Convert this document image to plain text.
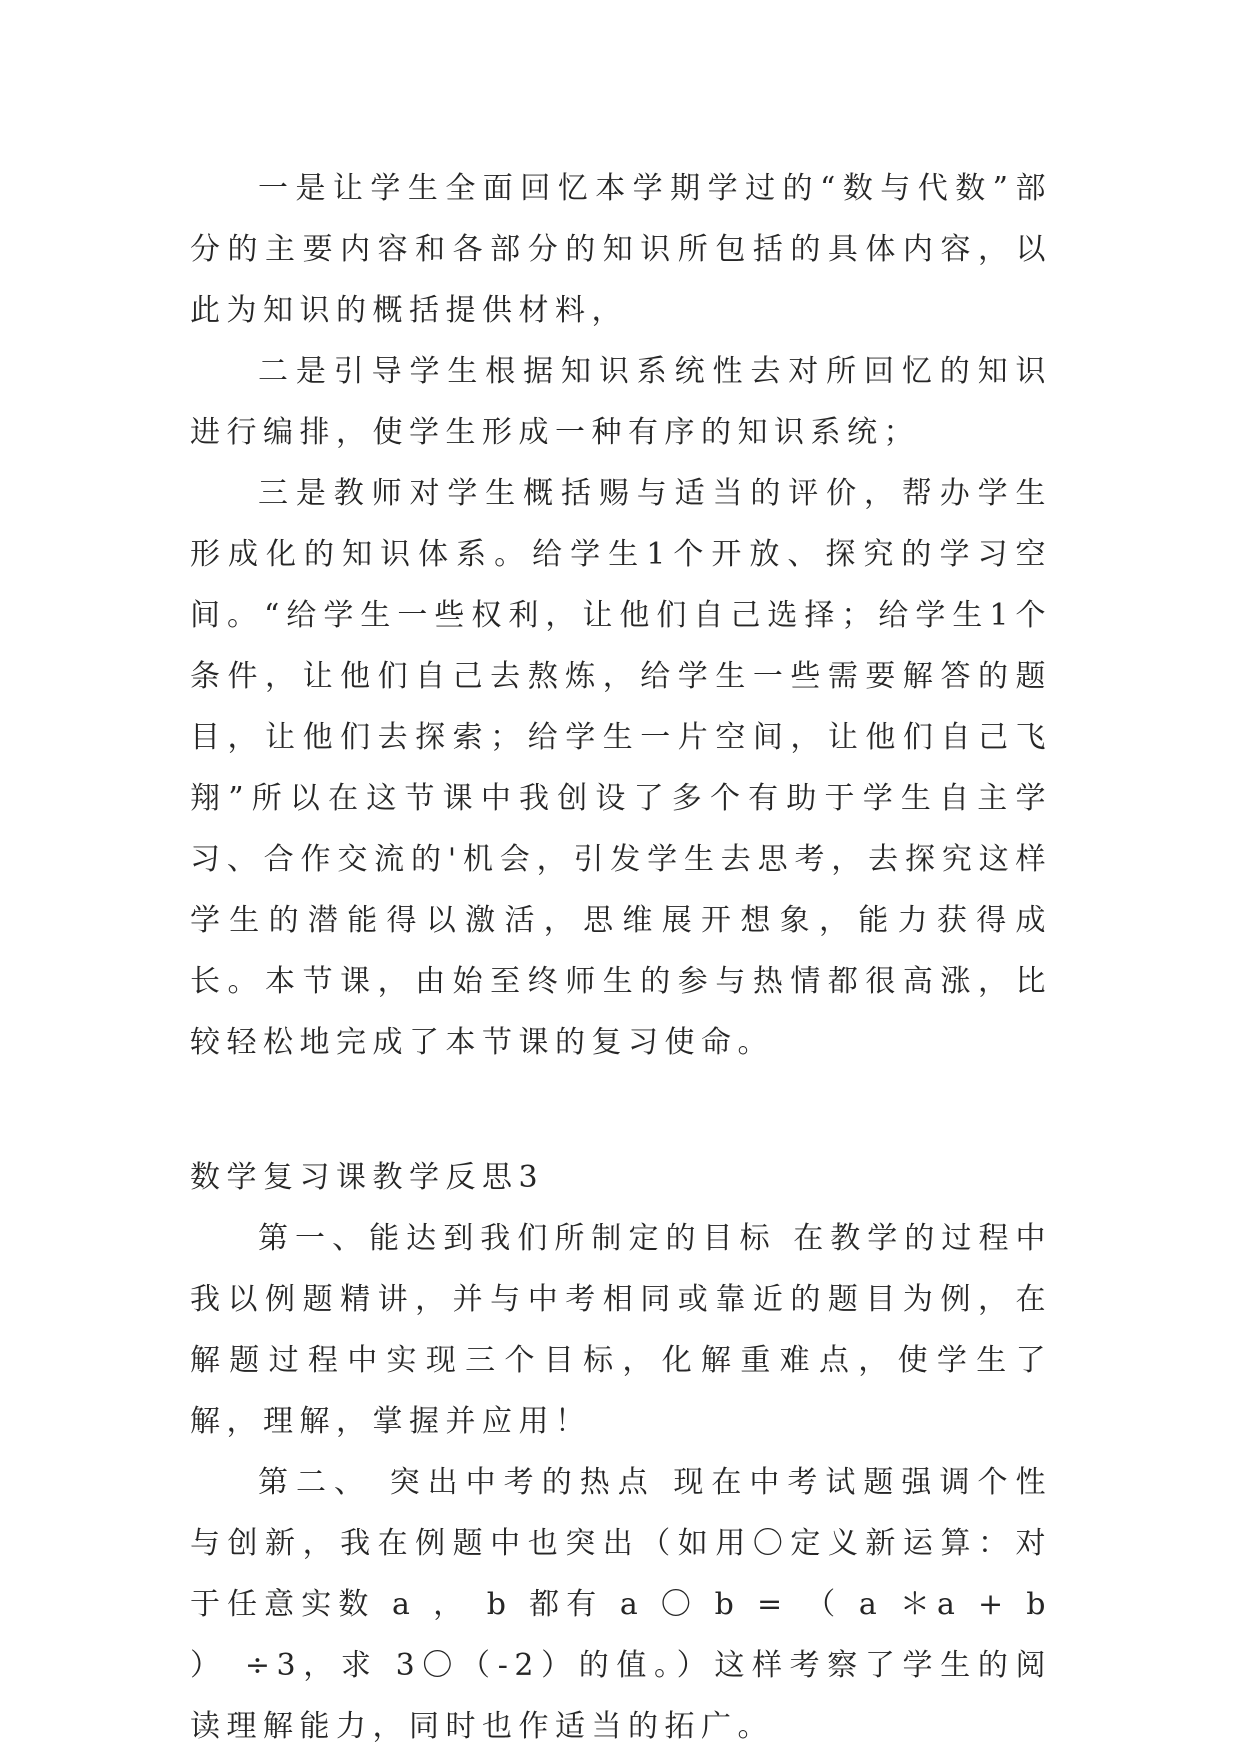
一是让学生全面回忆本学期学过的“数与代数”部分的主要内容和各部分的知识所包括的具体内容，以此为知识的概括提供材料，

二是引导学生根据知识系统性去对所回忆的知识进行编排，使学生形成一种有序的知识系统；

三是教师对学生概括赐与适当的评价，帮办学生形成化的知识体系。给学生1个开放、探究的学习空间。“给学生一些权利，让他们自己选择；给学生1个条件，让他们自己去熬炼，给学生一些需要解答的题目，让他们去探索；给学生一片空间，让他们自己飞翔”所以在这节课中我创设了多个有助于学生自主学习、合作交流的'机会，引发学生去思考，去探究这样学生的潜能得以激活，思维展开想象，能力获得成长。本节课，由始至终师生的参与热情都很高涨，比较轻松地完成了本节课的复习使命。

数学复习课教学反思3

第一、能达到我们所制定的目标 在教学的过程中我以例题精讲，并与中考相同或靠近的题目为例，在解题过程中实现三个目标，化解重难点，使学生了解，理解，掌握并应用！

第二、 突出中考的热点 现在中考试题强调个性与创新，我在例题中也突出（如用〇定义新运算：对于任意实数 a ， b 都有 a 〇 b = （ a ＊a + b ） ÷3，求 3〇（-2）的值。）这样考察了学生的阅读理解能力，同时也作适当的拓广。
